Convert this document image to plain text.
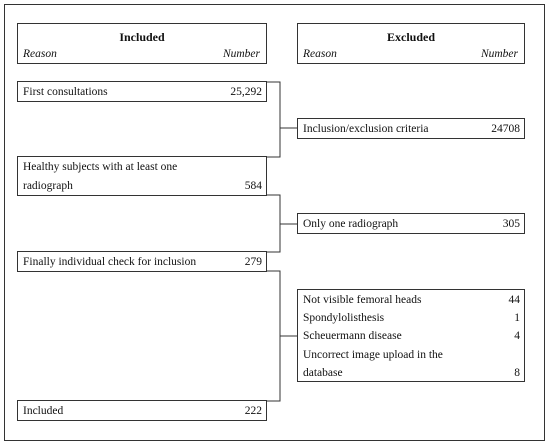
Included
Reason	Number
Excluded
Reason	Number
First consultations	25,292
Inclusion/exclusion criteria	24708
Healthy subjects with at least one
radiograph	584
Only one radiograph	305
Finally individual check for inclusion	279
Not visible femoral heads	44
Spondylolisthesis	1
Scheuermann disease	4
Uncorrect image upload in the
database	8
Included	222
